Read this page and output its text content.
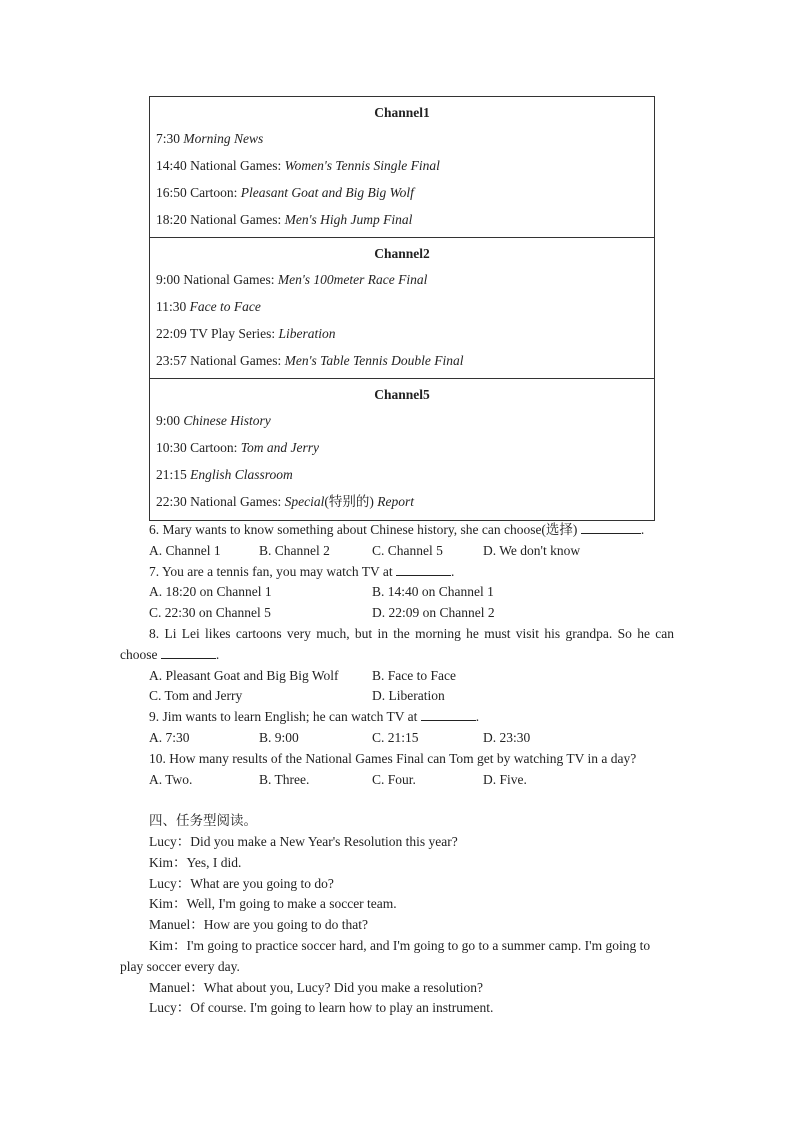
Channel1
7:30 Morning News
14:40 National Games: Women's Tennis Single Final
16:50 Cartoon: Pleasant Goat and Big Big Wolf
18:20 National Games: Men's High Jump Final
Channel2
9:00 National Games: Men's 100meter Race Final
11:30 Face to Face
22:09 TV Play Series: Liberation
23:57 National Games: Men's Table Tennis Double Final
Channel5
9:00 Chinese History
10:30 Cartoon: Tom and Jerry
21:15 English Classroom
22:30 National Games: Special(特别的) Report
6. Mary wants to know something about Chinese history, she can choose(选择)	.
A. Channel 1	B. Channel 2	C. Channel 5	D. We don't know
7. You are a tennis fan, you may watch TV at	.
A. 18:20 on Channel 1	B. 14:40 on Channel 1
C. 22:30 on Channel 5	D. 22:09 on Channel 2
8. Li Lei likes cartoons very much, but in the morning he must visit his grandpa. So he can
choose	.
A. Pleasant Goat and Big Big Wolf B. Face to Face
C. Tom and Jerry	D. Liberation
9. Jim wants to learn English; he can watch TV at	.
A. 7:30	B. 9:00	C. 21:15	D. 23:30
10. How many results of the National Games Final can Tom get by watching TV in a day?
A. Two.	B. Three.	C. Four.	D. Five.
四、任务型阅读。
Lucy：Did you make a New Year's Resolution this year?
Kim：Yes, I did.
Lucy：What are you going to do?
Kim：Well, I'm going to make a soccer team.
Manuel：How are you going to do that?
Kim：I'm going to practice soccer hard, and I'm going to go to a summer camp. I'm going to
play soccer every day.
Manuel：What about you, Lucy? Did you make a resolution?
Lucy：Of course. I'm going to learn how to play an instrument.
